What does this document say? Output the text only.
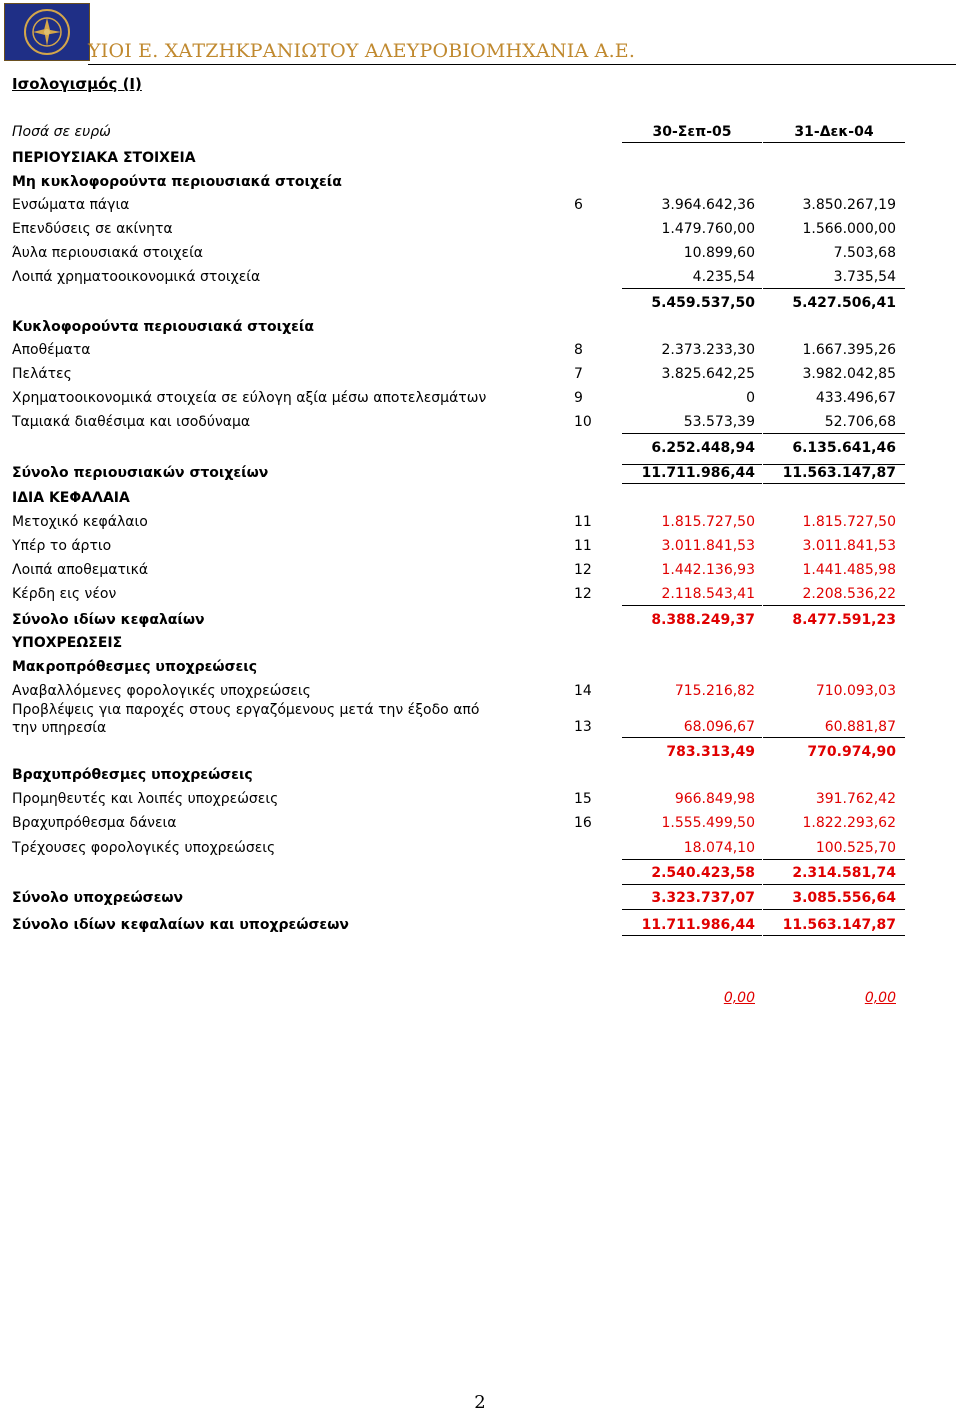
ΥΙΟΙ Ε. ΧΑΤΖΗΚΡΑΝΙΩΤΟΥ ΑΛΕΥΡΟΒΙΟΜΗΧΑΝΙΑ Α.Ε.
Ισολογισμός (Ι)
Ποσά σε ευρώ	30-Σεπ-05	31-Δεκ-04
ΠΕΡΙΟΥΣΙΑΚΑ ΣΤΟΙΧΕΙΑ
Μη κυκλοφορούντα περιουσιακά στοιχεία
Ενσώματα πάγια	6	3.964.642,36	3.850.267,19
Επενδύσεις σε ακίνητα	1.479.760,00	1.566.000,00
Άυλα περιουσιακά στοιχεία	10.899,60	7.503,68
Λοιπά χρηματοοικονομικά στοιχεία	4.235,54	3.735,54
5.459.537,50	5.427.506,41
Κυκλοφορούντα περιουσιακά στοιχεία
Αποθέματα	8	2.373.233,30	1.667.395,26
Πελάτες	7	3.825.642,25	3.982.042,85
Χρηματοοικονομικά στοιχεία σε εύλογη αξία μέσω αποτελεσμάτων	9	0	433.496,67
Ταμιακά διαθέσιμα και ισοδύναμα	10	53.573,39	52.706,68
6.252.448,94	6.135.641,46
Σύνολο περιουσιακών στοιχείων	11.711.986,44	11.563.147,87
ΙΔΙΑ ΚΕΦΑΛΑΙΑ
Μετοχικό κεφάλαιο	11	1.815.727,50	1.815.727,50
Υπέρ το άρτιο	11	3.011.841,53	3.011.841,53
Λοιπά αποθεματικά	12	1.442.136,93	1.441.485,98
Κέρδη εις νέον	12	2.118.543,41	2.208.536,22
Σύνολο ιδίων κεφαλαίων	8.388.249,37	8.477.591,23
ΥΠΟΧΡΕΩΣΕΙΣ
Μακροπρόθεσμες υποχρεώσεις
Αναβαλλόμενες φορολογικές υποχρεώσεις	14	715.216,82	710.093,03
Προβλέψεις για παροχές στους εργαζόμενους μετά την έξοδο από την υπηρεσία	13	68.096,67	60.881,87
783.313,49	770.974,90
Βραχυπρόθεσμες υποχρεώσεις
Προμηθευτές και λοιπές υποχρεώσεις	15	966.849,98	391.762,42
Βραχυπρόθεσμα δάνεια	16	1.555.499,50	1.822.293,62
Τρέχουσες φορολογικές υποχρεώσεις	18.074,10	100.525,70
2.540.423,58	2.314.581,74
Σύνολο υποχρεώσεων	3.323.737,07	3.085.556,64
Σύνολο ιδίων κεφαλαίων και υποχρεώσεων	11.711.986,44	11.563.147,87
0,00	0,00
2
